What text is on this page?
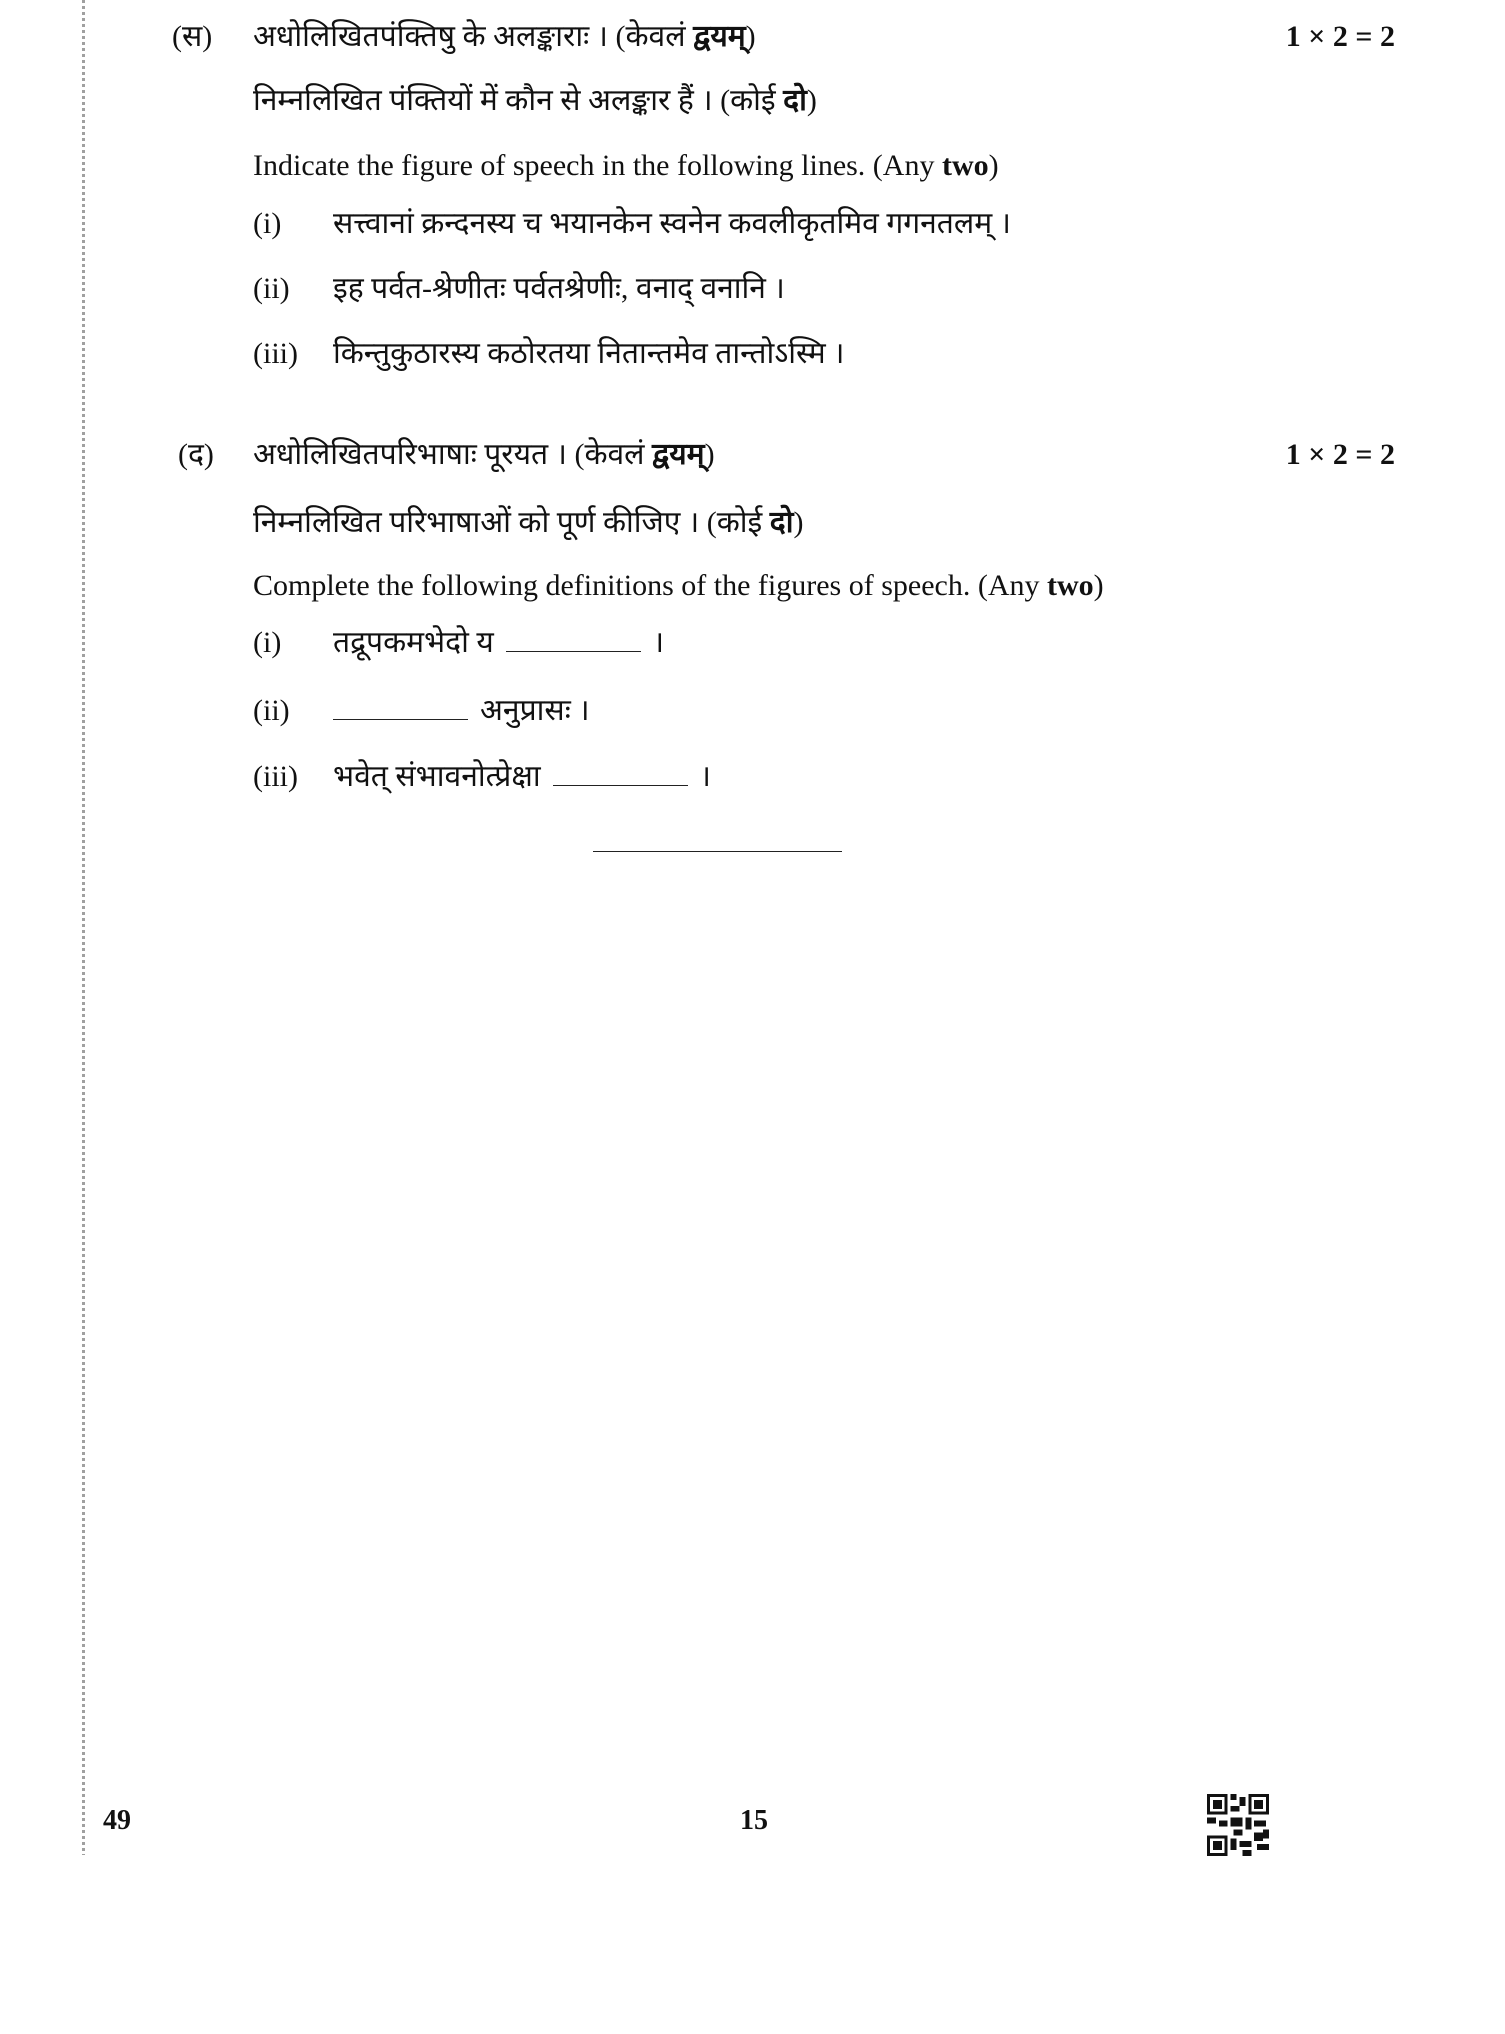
(स) अधोलिखितपंक्तिषु के अलङ्काराः । (केवलं द्वयम्)	1 × 2 = 2
निम्नलिखित पंक्तियों में कौन से अलङ्कार हैं । (कोई दो)
Indicate the figure of speech in the following lines. (Any two)
(i) सत्त्वानां क्रन्दनस्य च भयानकेन स्वनेन कवलीकृतमिव गगनतलम् ।
(ii) इह पर्वत-श्रेणीतः पर्वतश्रेणीः, वनाद् वनानि ।
(iii) किन्तुकुठारस्य कठोरतया नितान्तमेव तान्तोऽस्मि ।
(द) अधोलिखितपरिभाषाः पूरयत । (केवलं द्वयम्)	1 × 2 = 2
निम्नलिखित परिभाषाओं को पूर्ण कीजिए । (कोई दो)
Complete the following definitions of the figures of speech. (Any two)
(i) तद्रूपकमभेदो य	।
(ii)	अनुप्रासः ।
(iii) भवेत् संभावनोत्प्रेक्षा	।
49	15
